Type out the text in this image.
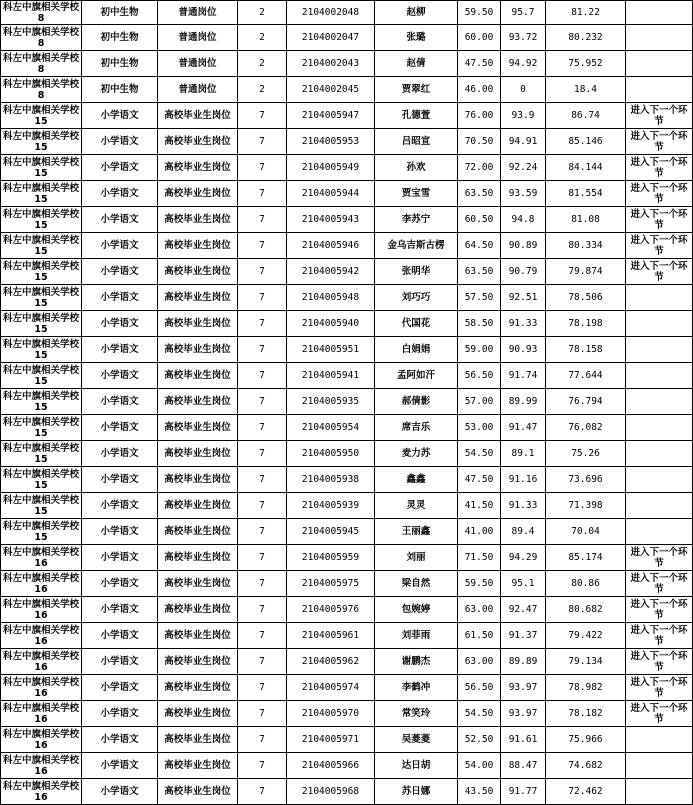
科左中旗相关学校8	初中生物	普通岗位	2	2104002048	赵柳	59.50	95.7	81.22	
科左中旗相关学校8	初中生物	普通岗位	2	2104002047	张璐	60.00	93.72	80.232	
科左中旗相关学校8	初中生物	普通岗位	2	2104002043	赵倩	47.50	94.92	75.952	
科左中旗相关学校8	初中生物	普通岗位	2	2104002045	贾翠红	46.00	0	18.4	
科左中旗相关学校15	小学语文	高校毕业生岗位	7	2104005947	孔德萱	76.00	93.9	86.74	进入下一个环节
科左中旗相关学校15	小学语文	高校毕业生岗位	7	2104005953	吕昭宣	70.50	94.91	85.146	进入下一个环节
科左中旗相关学校15	小学语文	高校毕业生岗位	7	2104005949	孙欢	72.00	92.24	84.144	进入下一个环节
科左中旗相关学校15	小学语文	高校毕业生岗位	7	2104005944	贾宝雪	63.50	93.59	81.554	进入下一个环节
科左中旗相关学校15	小学语文	高校毕业生岗位	7	2104005943	李苏宁	60.50	94.8	81.08	进入下一个环节
科左中旗相关学校15	小学语文	高校毕业生岗位	7	2104005946	金乌吉斯古楞	64.50	90.89	80.334	进入下一个环节
科左中旗相关学校15	小学语文	高校毕业生岗位	7	2104005942	张明华	63.50	90.79	79.874	进入下一个环节
科左中旗相关学校15	小学语文	高校毕业生岗位	7	2104005948	刘巧巧	57.50	92.51	78.506	
科左中旗相关学校15	小学语文	高校毕业生岗位	7	2104005940	代国花	58.50	91.33	78.198	
科左中旗相关学校15	小学语文	高校毕业生岗位	7	2104005951	白娟娟	59.00	90.93	78.158	
科左中旗相关学校15	小学语文	高校毕业生岗位	7	2104005941	孟阿如汗	56.50	91.74	77.644	
科左中旗相关学校15	小学语文	高校毕业生岗位	7	2104005935	郝倩影	57.00	89.99	76.794	
科左中旗相关学校15	小学语文	高校毕业生岗位	7	2104005954	席吉乐	53.00	91.47	76.082	
科左中旗相关学校15	小学语文	高校毕业生岗位	7	2104005950	麦力苏	54.50	89.1	75.26	
科左中旗相关学校15	小学语文	高校毕业生岗位	7	2104005938	鑫鑫	47.50	91.16	73.696	
科左中旗相关学校15	小学语文	高校毕业生岗位	7	2104005939	灵灵	41.50	91.33	71.398	
科左中旗相关学校15	小学语文	高校毕业生岗位	7	2104005945	王丽鑫	41.00	89.4	70.04	
科左中旗相关学校16	小学语文	高校毕业生岗位	7	2104005959	刘丽	71.50	94.29	85.174	进入下一个环节
科左中旗相关学校16	小学语文	高校毕业生岗位	7	2104005975	梁自然	59.50	95.1	80.86	进入下一个环节
科左中旗相关学校16	小学语文	高校毕业生岗位	7	2104005976	包婉婷	63.00	92.47	80.682	进入下一个环节
科左中旗相关学校16	小学语文	高校毕业生岗位	7	2104005961	刘菲雨	61.50	91.37	79.422	进入下一个环节
科左中旗相关学校16	小学语文	高校毕业生岗位	7	2104005962	谢鹏杰	63.00	89.89	79.134	进入下一个环节
科左中旗相关学校16	小学语文	高校毕业生岗位	7	2104005974	李鹤冲	56.50	93.97	78.982	进入下一个环节
科左中旗相关学校16	小学语文	高校毕业生岗位	7	2104005970	常笑玲	54.50	93.97	78.182	进入下一个环节
科左中旗相关学校16	小学语文	高校毕业生岗位	7	2104005971	吴菱菱	52.50	91.61	75.966	
科左中旗相关学校16	小学语文	高校毕业生岗位	7	2104005966	达日胡	54.00	88.47	74.682	
科左中旗相关学校16	小学语文	高校毕业生岗位	7	2104005968	苏日娜	43.50	91.77	72.462	
